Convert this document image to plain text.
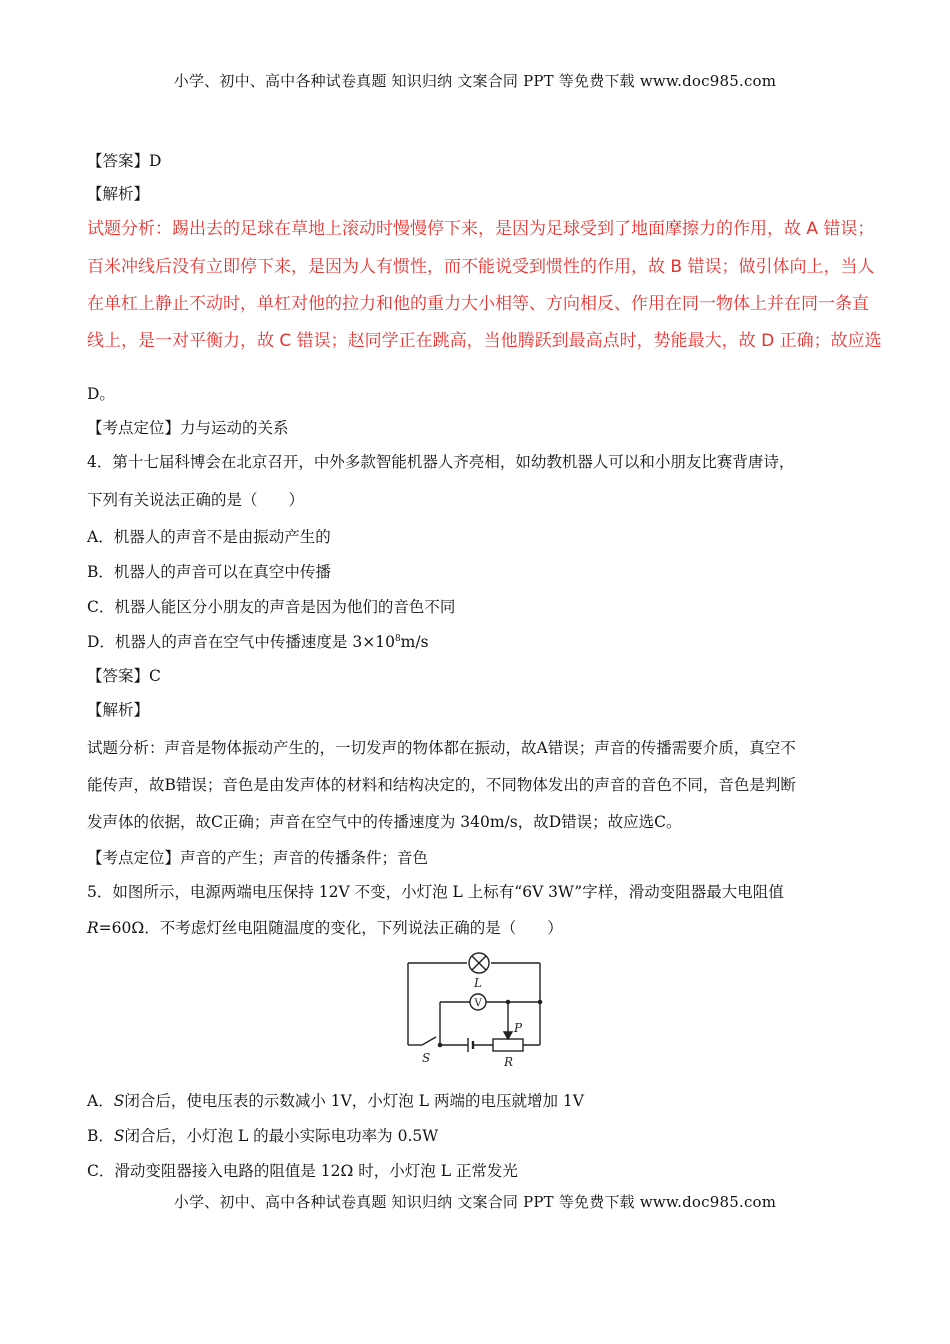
小学、初中、高中各种试卷真题 知识归纳 文案合同 PPT 等免费下载 www.doc985.com
【答案】D
【解析】
试题分析：踢出去的足球在草地上滚动时慢慢停下来，是因为足球受到了地面摩擦力的作用，故 A 错误；
百米冲线后没有立即停下来，是因为人有惯性，而不能说受到惯性的作用，故 B 错误；做引体向上，当人
在单杠上静止不动时，单杠对他的拉力和他的重力大小相等、方向相反、作用在同一物体上并在同一条直
线上，是一对平衡力，故 C 错误；赵同学正在跳高，当他腾跃到最高点时，势能最大，故 D 正确；故应选
D。
【考点定位】力与运动的关系
4．第十七届科博会在北京召开，中外多款智能机器人齐亮相，如幼教机器人可以和小朋友比赛背唐诗，
下列有关说法正确的是（　　）
A．机器人的声音不是由振动产生的
B．机器人的声音可以在真空中传播
C．机器人能区分小朋友的声音是因为他们的音色不同
D．机器人的声音在空气中传播速度是 $3\times 10^8m/s$
【答案】C
【解析】
试题分析：声音是物体振动产生的，一切发声的物体都在振动，故A错误；声音的传播需要介质，真空不
能传声，故B错误；音色是由发声体的材料和结构决定的，不同物体发出的声音的音色不同，音色是判断
发声体的依据，故C正确；声音在空气中的传播速度为 340m/s，故D错误；故应选C。
【考点定位】声音的产生；声音的传播条件；音色
5．如图所示，电源两端电压保持 12V 不变，小灯泡 L 上标有“6V 3W”字样，滑动变阻器最大电阻值
R=60Ω．不考虑灯丝电阻随温度的变化，下列说法正确的是（　　）
L
V
P
S	R
A．S闭合后，使电压表的示数减小 1V，小灯泡 L 两端的电压就增加 1V
B．S闭合后，小灯泡 L 的最小实际电功率为 0.5W
C．滑动变阻器接入电路的阻值是 12Ω 时，小灯泡 L 正常发光
小学、初中、高中各种试卷真题 知识归纳 文案合同 PPT 等免费下载 www.doc985.com
